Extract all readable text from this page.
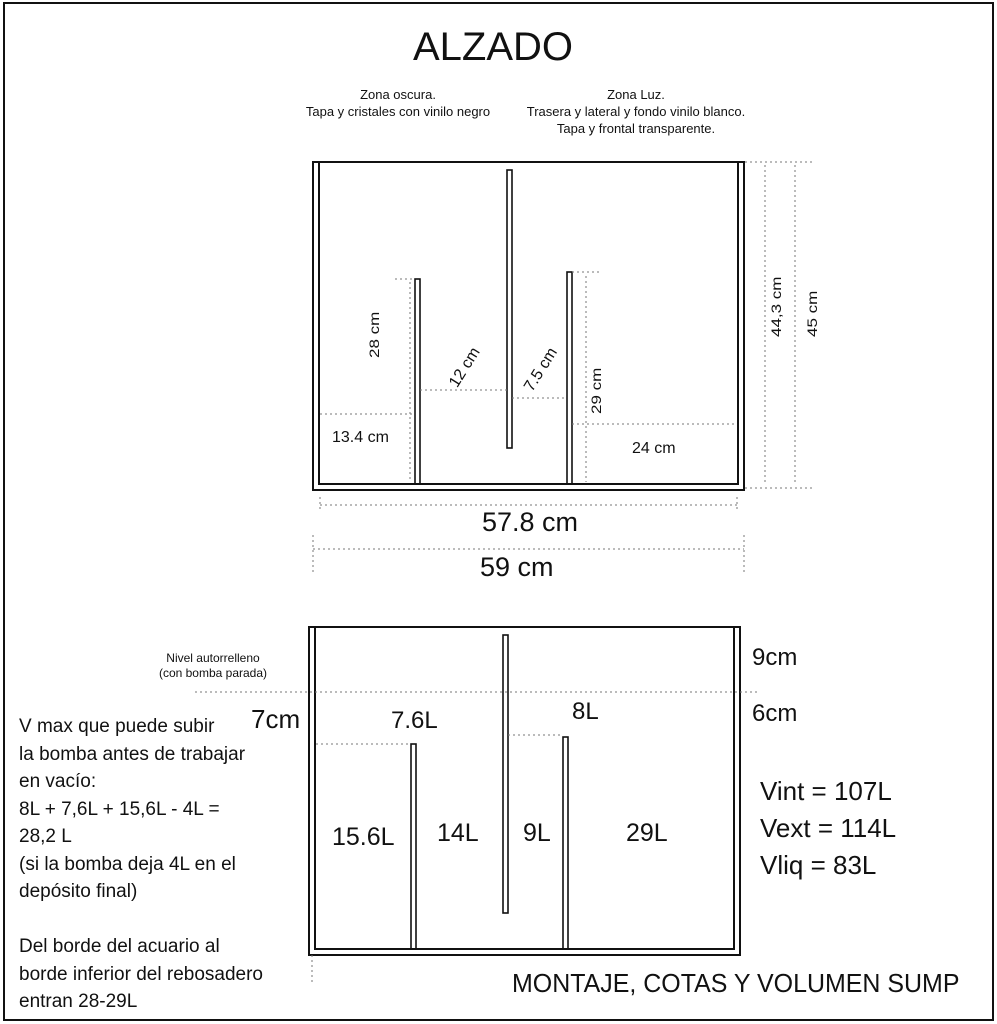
ALZADO
Zona oscura.
Tapa y cristales con vinilo negro
Zona Luz.
Trasera y lateral y fondo vinilo blanco.
Tapa y frontal transparente.
28 cm
12 cm 7.5 cm 29 cm
13.4 cm
24 cm
44,3 cm 45 cm
57.8 cm
59 cm
Nivel autorrelleno
(con bomba parada)
V max que puede subir
la bomba antes de trabajar
en vacío:
8L + 7,6L + 15,6L - 4L =
28,2 L
(si la bomba deja 4L en el
depósito final)
Del borde del acuario al
borde inferior del rebosadero
entran 28-29L
7cm
9cm
6cm
7.6L	8L
15.6L 14L 9L	29L
Vint = 107L
Vext = 114L
Vliq = 83L
MONTAJE, COTAS Y VOLUMEN SUMP
